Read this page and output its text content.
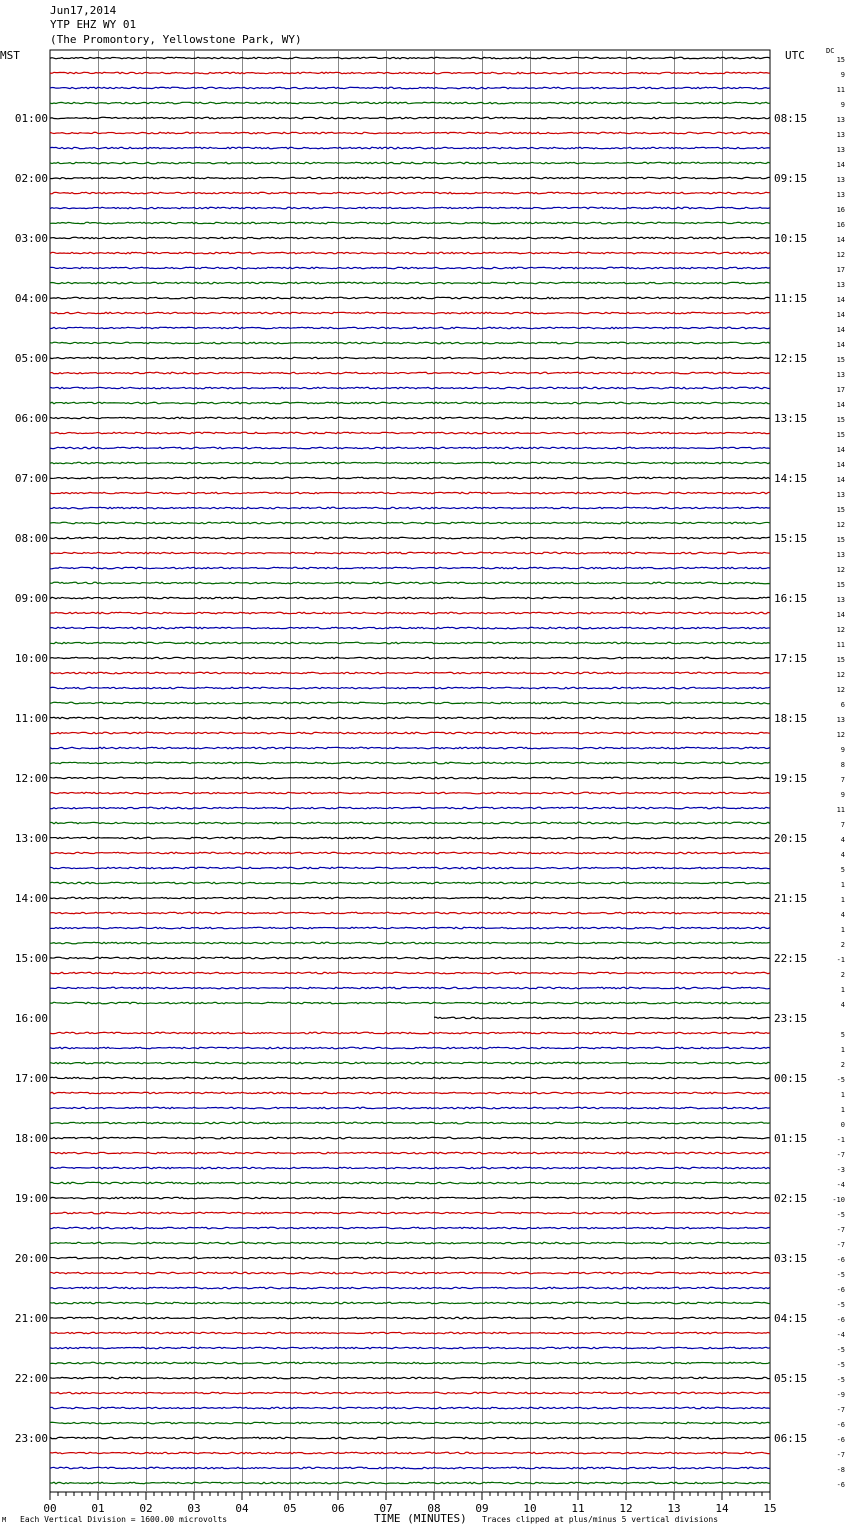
Jun17,2014
YTP EHZ WY 01
(The Promontory, Yellowstone Park, WY)
MST	UTC	DC
15
9
11
9
13
13
13
14
13
13
16
16
14
12
17
13
14
14
14
14
15
13
17
14
15
15
14
14
14
13
15
12
15
13
12
15
13
14
12
11
15
12
12
6
13
12
9
8
7
9
11
7
4
4
5
1
1
4
1
2
-1
2
1
4
5
1
2
-5
1
1
0
-1
-7
-3
-4
-10
-5
-7
-7
-6
-5
-6
-5
-6
-4
-5
-5
-5
-9
-7
-6
-6
-7
-8
-6
01:00
02:00
03:00
04:00
05:00
06:00
07:00
08:00
09:00
10:00
11:00
12:00
13:00
14:00
15:00
16:00
17:00
18:00
19:00
20:00
21:00
22:00
23:00
08:15
09:15
10:15
11:15
12:15
13:15
14:15
15:15
16:15
17:15
18:15
19:15
20:15
21:15
22:15
23:15
00:15
01:15
02:15
03:15
04:15
05:15
06:15
00	01	02	03	04	05	06	07	08	09	10	11	12	13	14	15
M Each Vertical Division = 1600.00 microvolts	TIME (MINUTES) Traces clipped at plus/minus 5 vertical divisions
